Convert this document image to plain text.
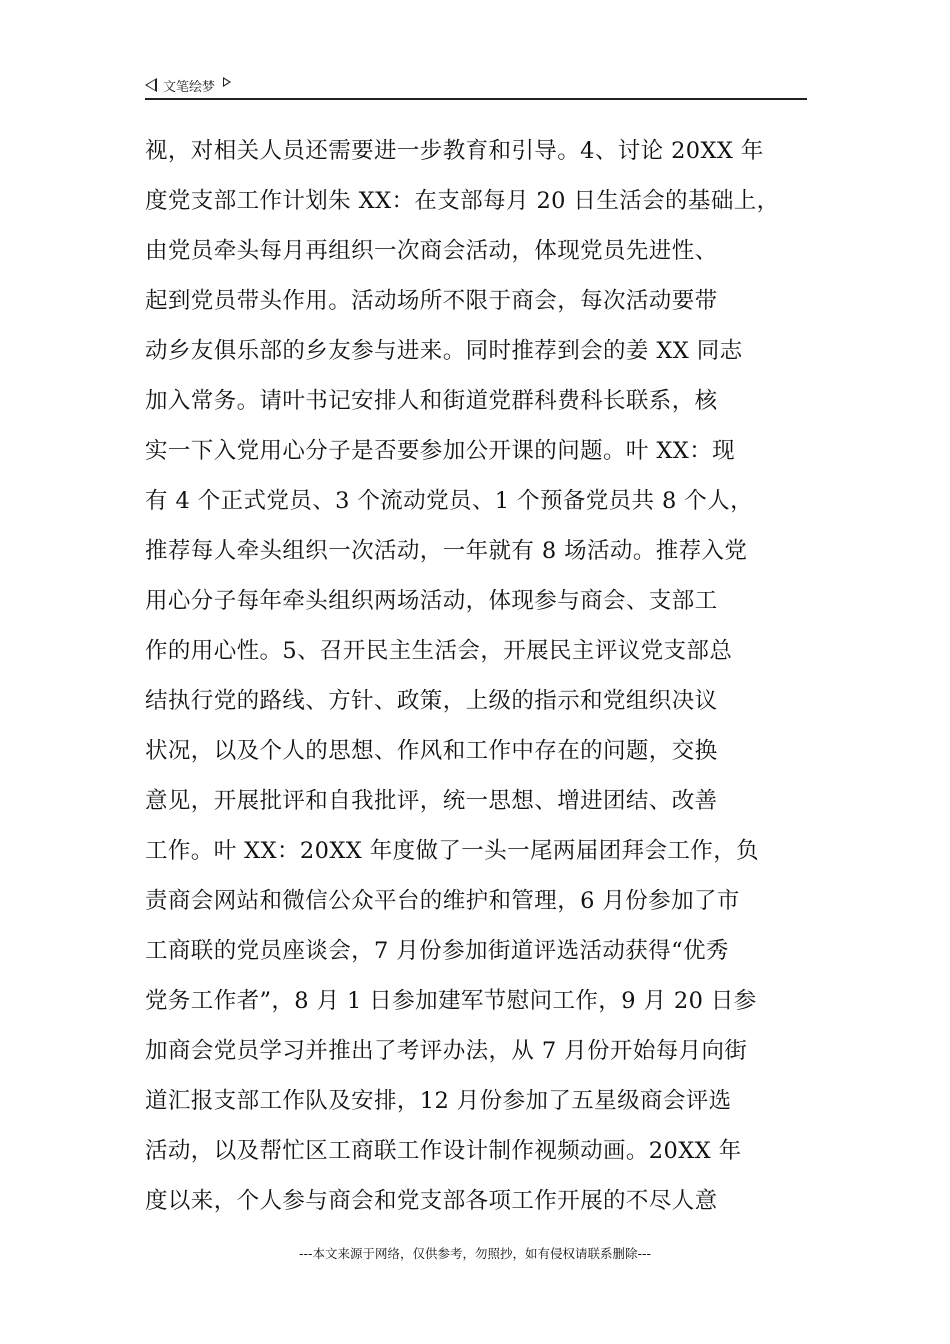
文笔绘梦
视，对相关人员还需要进一步教育和引导。4、讨论 20XX 年
度党支部工作计划朱 XX：在支部每月 20 日生活会的基础上，
由党员牵头每月再组织一次商会活动，体现党员先进性、
起到党员带头作用。活动场所不限于商会，每次活动要带
动乡友俱乐部的乡友参与进来。同时推荐到会的姜 XX 同志
加入常务。请叶书记安排人和街道党群科费科长联系，核
实一下入党用心分子是否要参加公开课的问题。叶 XX：现
有 4 个正式党员、3 个流动党员、1 个预备党员共 8 个人，
推荐每人牵头组织一次活动，一年就有 8 场活动。推荐入党
用心分子每年牵头组织两场活动，体现参与商会、支部工
作的用心性。5、召开民主生活会，开展民主评议党支部总
结执行党的路线、方针、政策，上级的指示和党组织决议
状况，以及个人的思想、作风和工作中存在的问题，交换
意见，开展批评和自我批评，统一思想、增进团结、改善
工作。叶 XX：20XX 年度做了一头一尾两届团拜会工作，负
责商会网站和微信公众平台的维护和管理，6 月份参加了市
工商联的党员座谈会，7 月份参加街道评选活动获得“优秀
党务工作者”，8 月 1 日参加建军节慰问工作，9 月 20 日参
加商会党员学习并推出了考评办法，从 7 月份开始每月向街
道汇报支部工作队及安排，12 月份参加了五星级商会评选
活动，以及帮忙区工商联工作设计制作视频动画。20XX 年
度以来，个人参与商会和党支部各项工作开展的不尽人意
---本文来源于网络，仅供参考，勿照抄，如有侵权请联系删除---
